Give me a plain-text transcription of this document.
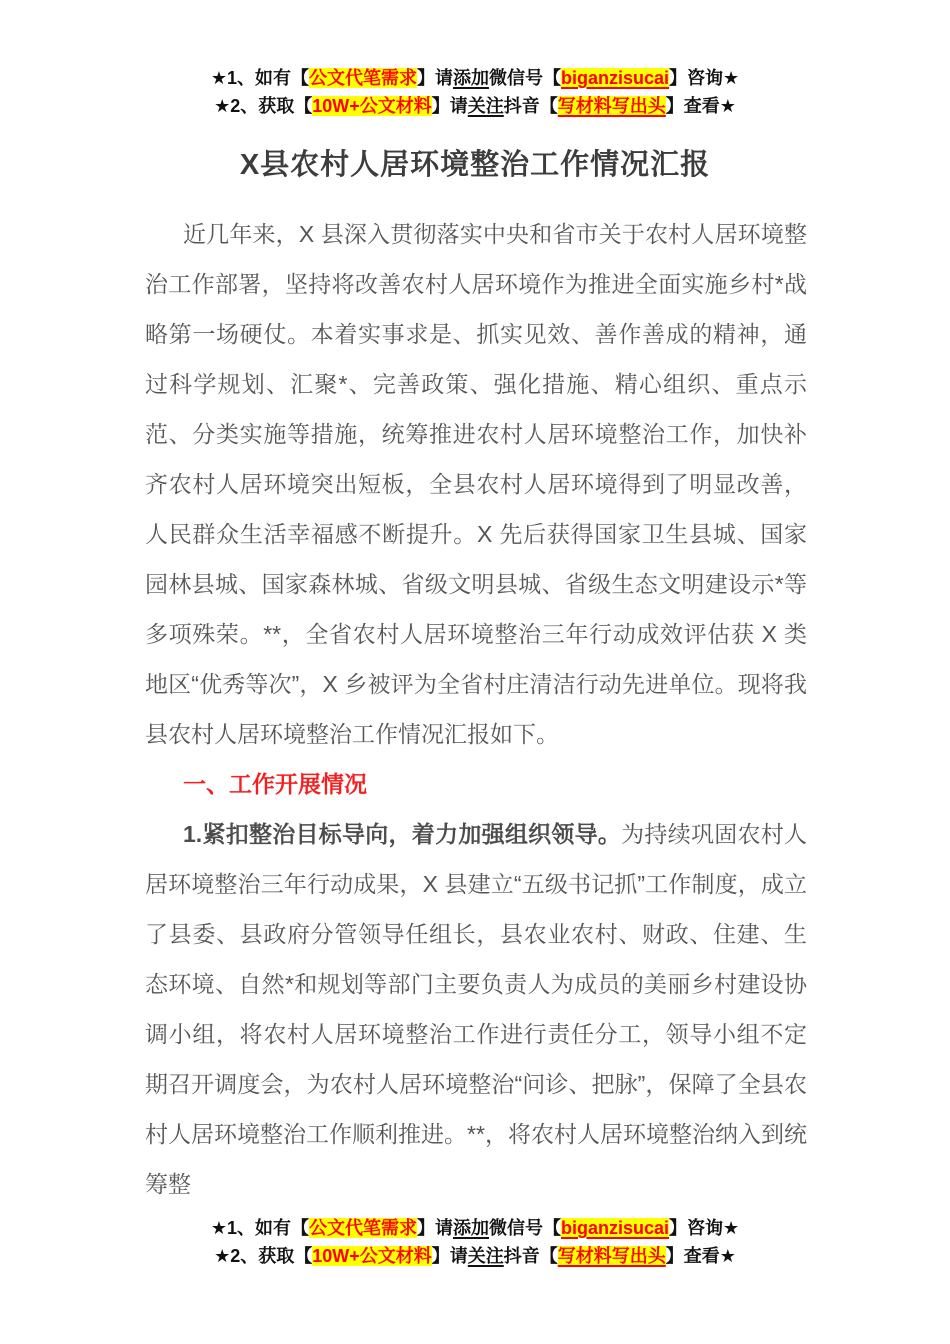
★1、如有【公文代笔需求】请添加微信号【biganzisucai】咨询★
★2、获取【10W+公文材料】请关注抖音【写材料写出头】查看★
X县农村人居环境整治工作情况汇报

近几年来，X 县深入贯彻落实中央和省市关于农村人居环境整治工作部署，坚持将改善农村人居环境作为推进全面实施乡村*战略第一场硬仗。本着实事求是、抓实见效、善作善成的精神，通过科学规划、汇聚*、完善政策、强化措施、精心组织、重点示范、分类实施等措施，统筹推进农村人居环境整治工作，加快补齐农村人居环境突出短板，全县农村人居环境得到了明显改善，人民群众生活幸福感不断提升。X 先后获得国家卫生县城、国家园林县城、国家森林城、省级文明县城、省级生态文明建设示*等多项殊荣。**，全省农村人居环境整治三年行动成效评估获 X 类地区“优秀等次”，X 乡被评为全省村庄清洁行动先进单位。现将我县农村人居环境整治工作情况汇报如下。

一、工作开展情况

1.紧扣整治目标导向，着力加强组织领导。为持续巩固农村人居环境整治三年行动成果，X 县建立“五级书记抓”工作制度，成立了县委、县政府分管领导任组长，县农业农村、财政、住建、生态环境、自然*和规划等部门主要负责人为成员的美丽乡村建设协调小组，将农村人居环境整治工作进行责任分工，领导小组不定期召开调度会，为农村人居环境整治“问诊、把脉”，保障了全县农村人居环境整治工作顺利推进。**，将农村人居环境整治纳入到统筹整

★1、如有【公文代笔需求】请添加微信号【biganzisucai】咨询★
★2、获取【10W+公文材料】请关注抖音【写材料写出头】查看★
